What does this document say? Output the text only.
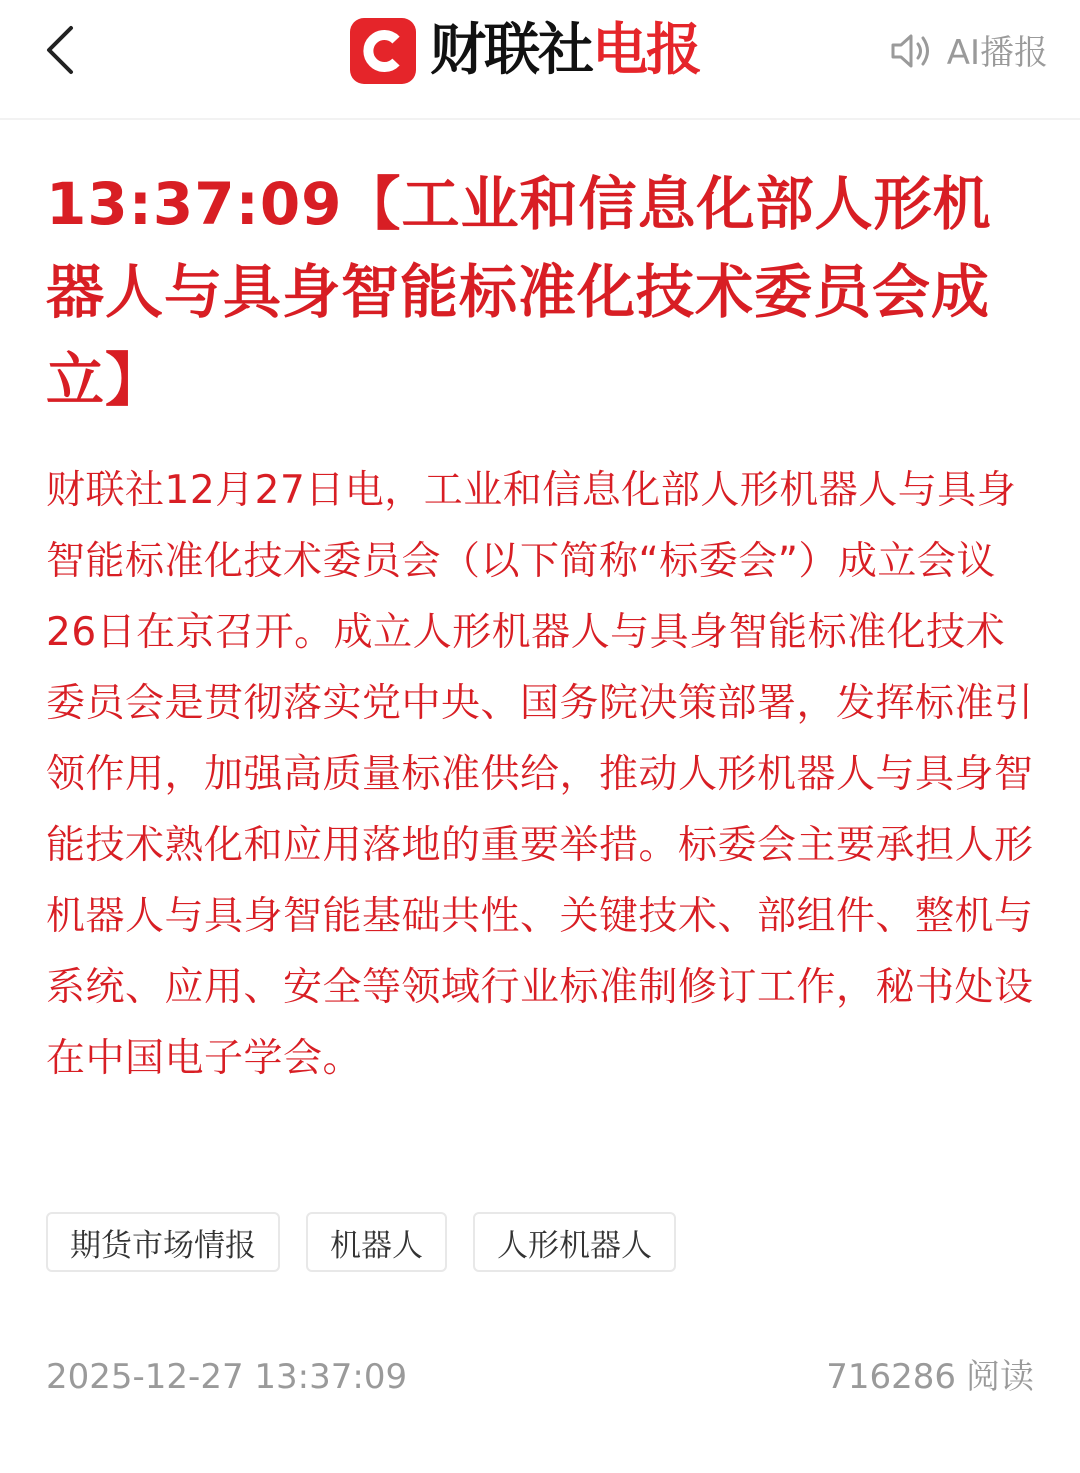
财联社 电报	AI播报
13:37:09【工业和信息化部人形机器人与具身智能标准化技术委员会成立】

财联社12月27日电，工业和信息化部人形机器人与具身智能标准化技术委员会（以下简称“标委会”）成立会议26日在京召开。成立人形机器人与具身智能标准化技术委员会是贯彻落实党中央、国务院决策部署，发挥标准引领作用，加强高质量标准供给，推动人形机器人与具身智能技术熟化和应用落地的重要举措。标委会主要承担人形机器人与具身智能基础共性、关键技术、部组件、整机与系统、应用、安全等领域行业标准制修订工作，秘书处设在中国电子学会。

期货市场情报	机器人	人形机器人
2025-12-27 13:37:09	716286 阅读
